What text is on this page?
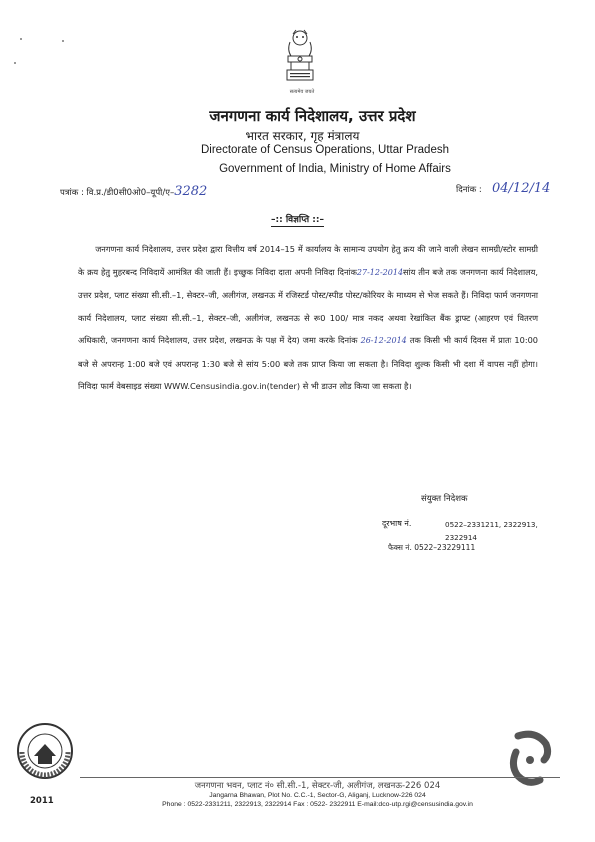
सत्यमेव जयते
जनगणना कार्य निदेशालय, उत्तर प्रदेश
भारत सरकार, गृह मंत्रालय
Directorate of Census Operations, Uttar Pradesh
Government of India, Ministry of Home Affairs
पत्रांक : वि.प्र./डी0सी0ओ0–यूपी/ए–3282	दिनांक : 04/12/14
–:: विज्ञप्ति ::–

जनगणना कार्य निदेशालय, उत्तर प्रदेश द्वारा वित्तीय वर्ष 2014–15 में कार्यालय के सामान्य उपयोग हेतु क्रय की जाने वाली लेखन सामग्री/स्टोर सामग्री के क्रय हेतु मुहरबन्द निविदायें आमंत्रित की जाती हैं। इच्छुक निविदा दाता अपनी निविदा दिनांक27-12-2014सांय तीन बजे तक जनगणना कार्य निदेशालय, उत्तर प्रदेश, प्लाट संख्या सी.सी.–1, सेक्टर–जी, अलीगंज, लखनऊ में रजिस्टर्ड पोस्ट/स्पीड पोस्ट/कोरियर के माध्यम से भेज सकते हैं। निविदा फार्म जनगणना कार्य निदेशालय, प्लाट संख्या सी.सी.–1, सेक्टर–जी, अलीगंज, लखनऊ से रू0 100/ मात्र नकद अथवा रेखांकित बैंक ड्राफ्ट (आहरण एवं वितरण अधिकारी, जनगणना कार्य निदेशालय, उत्तर प्रदेश, लखनऊ के पक्ष में देय) जमा करके दिनांक 26-12-2014 तक किसी भी कार्य दिवस में प्रातः 10:00 बजे से अपरान्ह 1:00 बजे एवं अपरान्ह 1:30 बजे से सांय 5:00 बजे तक प्राप्त किया जा सकता है। निविदा शुल्क किसी भी दशा में वापस नहीं होगा। निविदा फार्म वेबसाइड संख्या WWW.Censusindia.gov.in(tender) से भी डाउन लोड किया जा सकता है।

संयुक्त निदेशक
दूरभाष नं.	0522–2331211, 2322913,
2322914
फैक्स नं. 0522–23229111
2011
जनगणना भवन, प्लाट नं० सी.सी.-1, सेक्टर-जी, अलीगंज, लखनऊ-226 024
Jangarna Bhawan, Plot No. C.C.-1, Sector-G, Aliganj, Lucknow-226 024
Phone : 0522-2331211, 2322913, 2322914 Fax : 0522- 2322911 E-mail:dco-utp.rgi@censusindia.gov.in
